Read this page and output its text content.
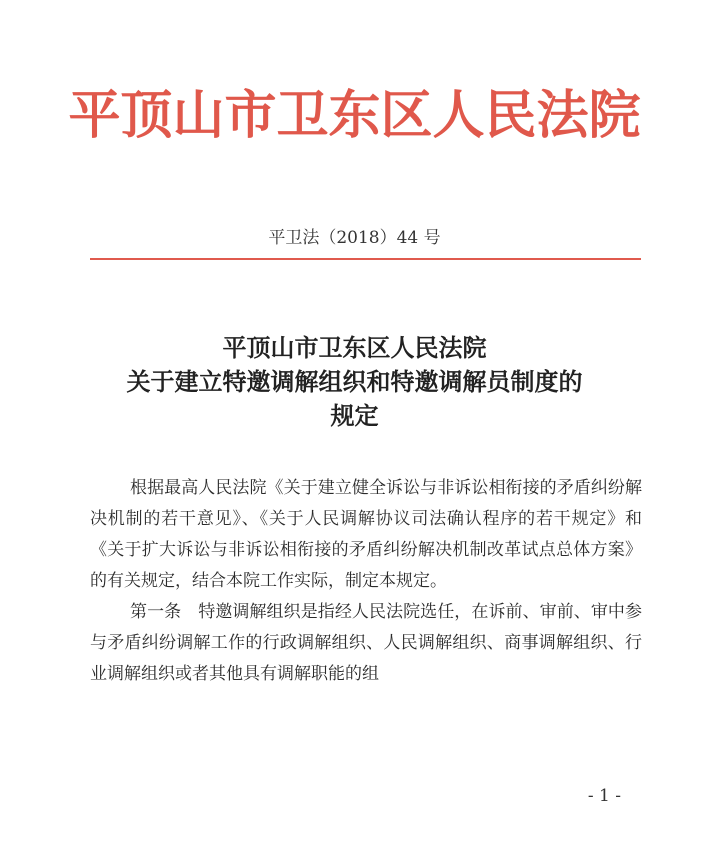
平顶山市卫东区人民法院
平卫法（2018）44 号
平顶山市卫东区人民法院
关于建立特邀调解组织和特邀调解员制度的
规定

根据最高人民法院《关于建立健全诉讼与非诉讼相衔接的矛盾纠纷解决机制的若干意见》、《关于人民调解协议司法确认程序的若干规定》和《关于扩大诉讼与非诉讼相衔接的矛盾纠纷解决机制改革试点总体方案》的有关规定，结合本院工作实际，制定本规定。

第一条　特邀调解组织是指经人民法院选任，在诉前、审前、审中参与矛盾纠纷调解工作的行政调解组织、人民调解组织、商事调解组织、行业调解组织或者其他具有调解职能的组

- 1 -
